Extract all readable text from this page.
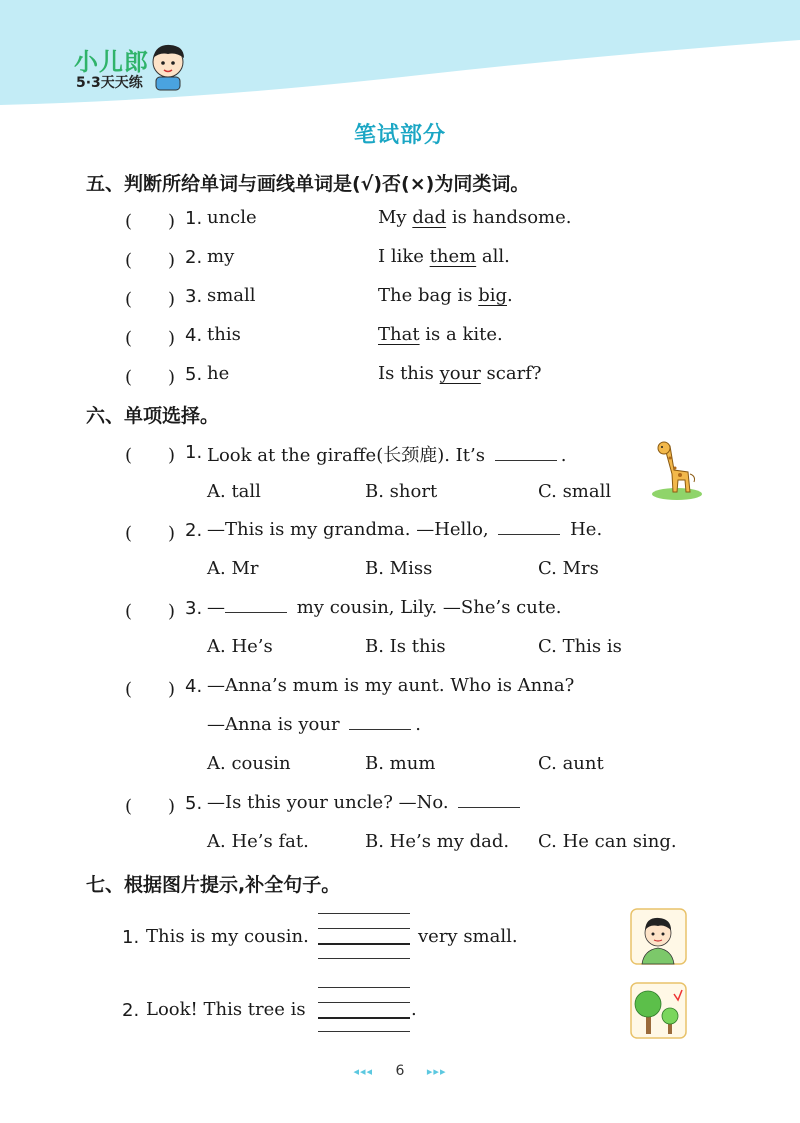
小儿郎
5·3天天练
笔试部分
五、判断所给单词与画线单词是(√)否(×)为同类词。
(　　) 1. uncle	My dad is handsome.
(　　) 2. my	I like them all.
(　　) 3. small	The bag is big.
(　　) 4. this	That is a kite.
(　　) 5. he	Is this your scarf?
六、单项选择。
(　　) 1. Look at the giraffe(长颈鹿). It’s	.
A. tall	B. short	C. small
(　　) 2. —This is my grandma. —Hello,	He.
A. Mr	B. Miss	C. Mrs
(　　) 3. —	my cousin, Lily. —She’s cute.
A. He’s	B. Is this	C. This is
(　　) 4. —Anna’s mum is my aunt. Who is Anna?
—Anna is your	.
A. cousin	B. mum	C. aunt
(　　) 5. —Is this your uncle? —No.
A. He’s fat.	B. He’s my dad. C. He can sing.
七、根据图片提示,补全句子。
1. This is my cousin.	very small.
2. Look! This tree is	.
◂◂◂ 6 ▸▸▸
